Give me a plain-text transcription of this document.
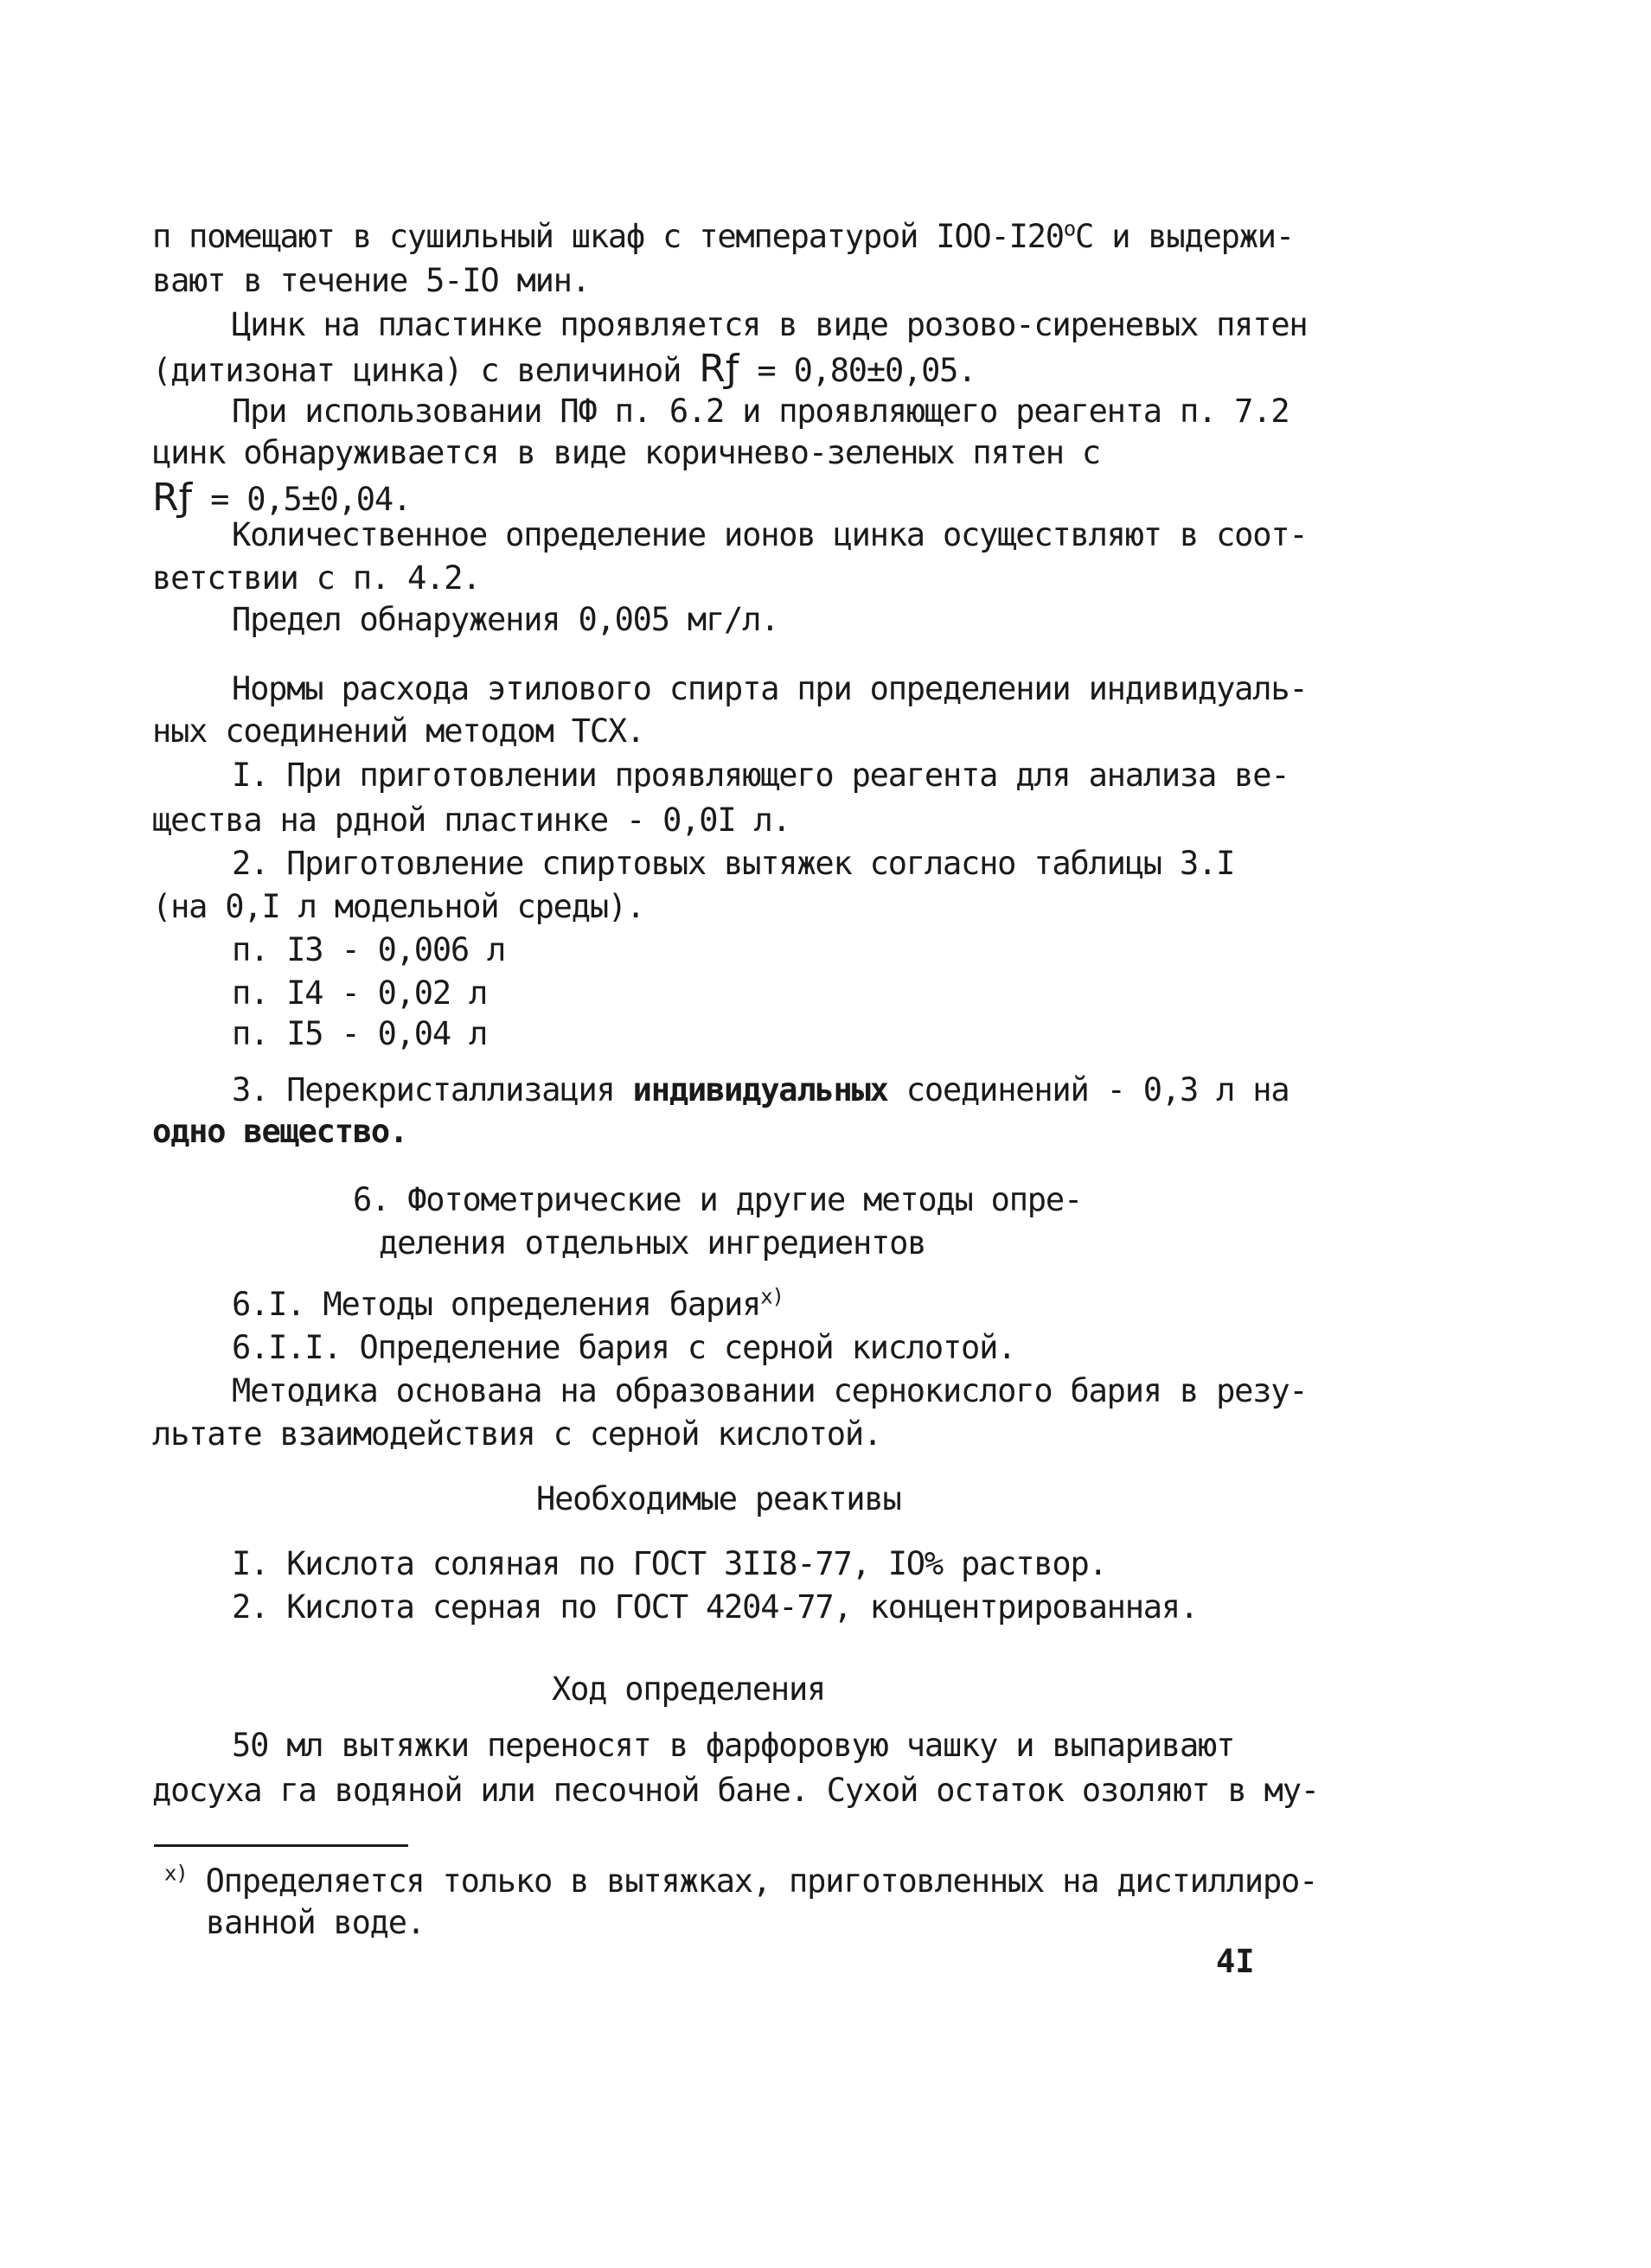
п помещают в сушильный шкаф с температурой IOO-$I20^оС$ и выдержи-
вают в течение 5-IO мин.
Цинк на пластинке проявляется в виде розово-сиреневых пятен
(дитизонат цинка) с величиной Rƒ = 0,80±0,05.
При использовании ПФ п. 6.2 и проявляющего реагента п. 7.2
цинк обнаруживается в виде коричнево-зеленых пятен с
Rƒ = 0,5±0,04.
Количественное определение ионов цинка осуществляют в соот-
ветствии с п. 4.2.
Предел обнаружения 0,005 мг/л.
Нормы расхода этилового спирта при определении индивидуаль-
ных соединений методом ТСХ.
I. При приготовлении проявляющего реагента для анализа ве-
щества на рдной пластинке - 0,0I л.
2. Приготовление спиртовых вытяжек согласно таблицы 3.I
(на 0,I л модельной среды).
п. I3 - 0,006 л
п. I4 - 0,02 л
п. I5 - 0,04 л
3. Перекристаллизация индивидуальных соединений - 0,3 л на
одно вещество.
6. Фотометрические и другие методы опре-
деления отдельных ингредиентов
6.I. Методы определения бария$^{x)}$
6.I.I. Определение бария с серной кислотой.
Методика основана на образовании сернокислого бария в резу-
льтате взаимодействия с серной кислотой.
Необходимые реактивы
I. Кислота соляная по ГОСТ 3II8-77, IO% раствор.
2. Кислота серная по ГОСТ 4204-77, концентрированная.
Ход определения
50 мл вытяжки переносят в фарфоровую чашку и выпаривают
досуха га водяной или песочной бане. Сухой остаток озоляют в му-
$^{x)}$ Определяется только в вытяжках, приготовленных на дистиллиро-
ванной воде.
4I
